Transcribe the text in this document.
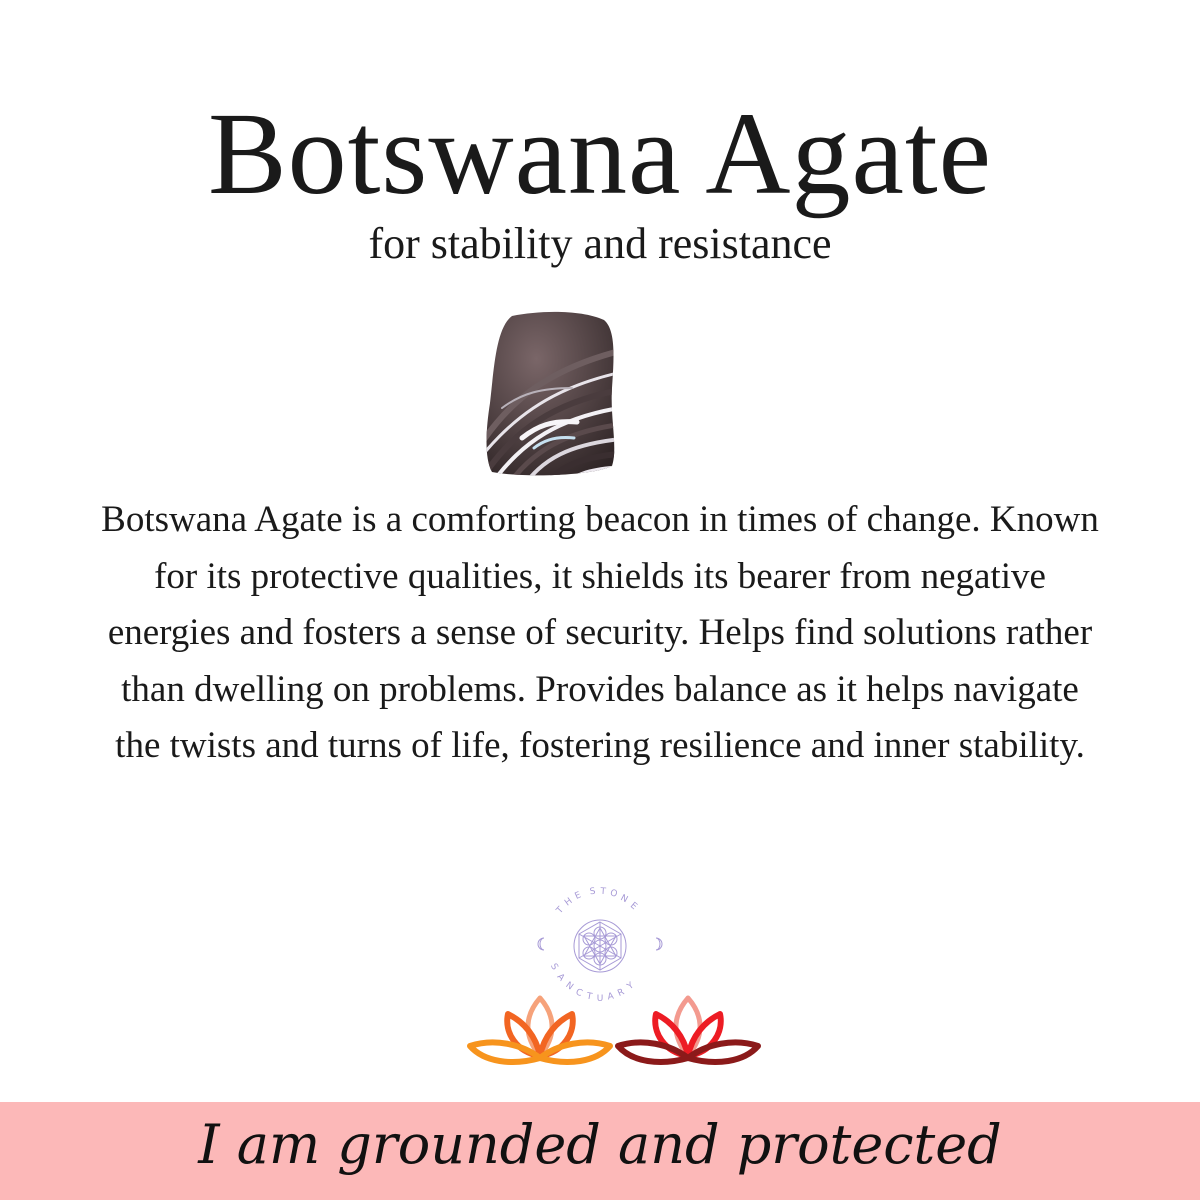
Botswana Agate
for stability and resistance
Botswana Agate is a comforting beacon in times of change. Known for its protective qualities, it shields its bearer from negative energies and fosters a sense of security. Helps find solutions rather than dwelling on problems. Provides balance as it helps navigate the twists and turns of life, fostering resilience and inner stability.
T
H
E S T O N
E
S
A
N
C T U A R
Y
I am grounded and protected
